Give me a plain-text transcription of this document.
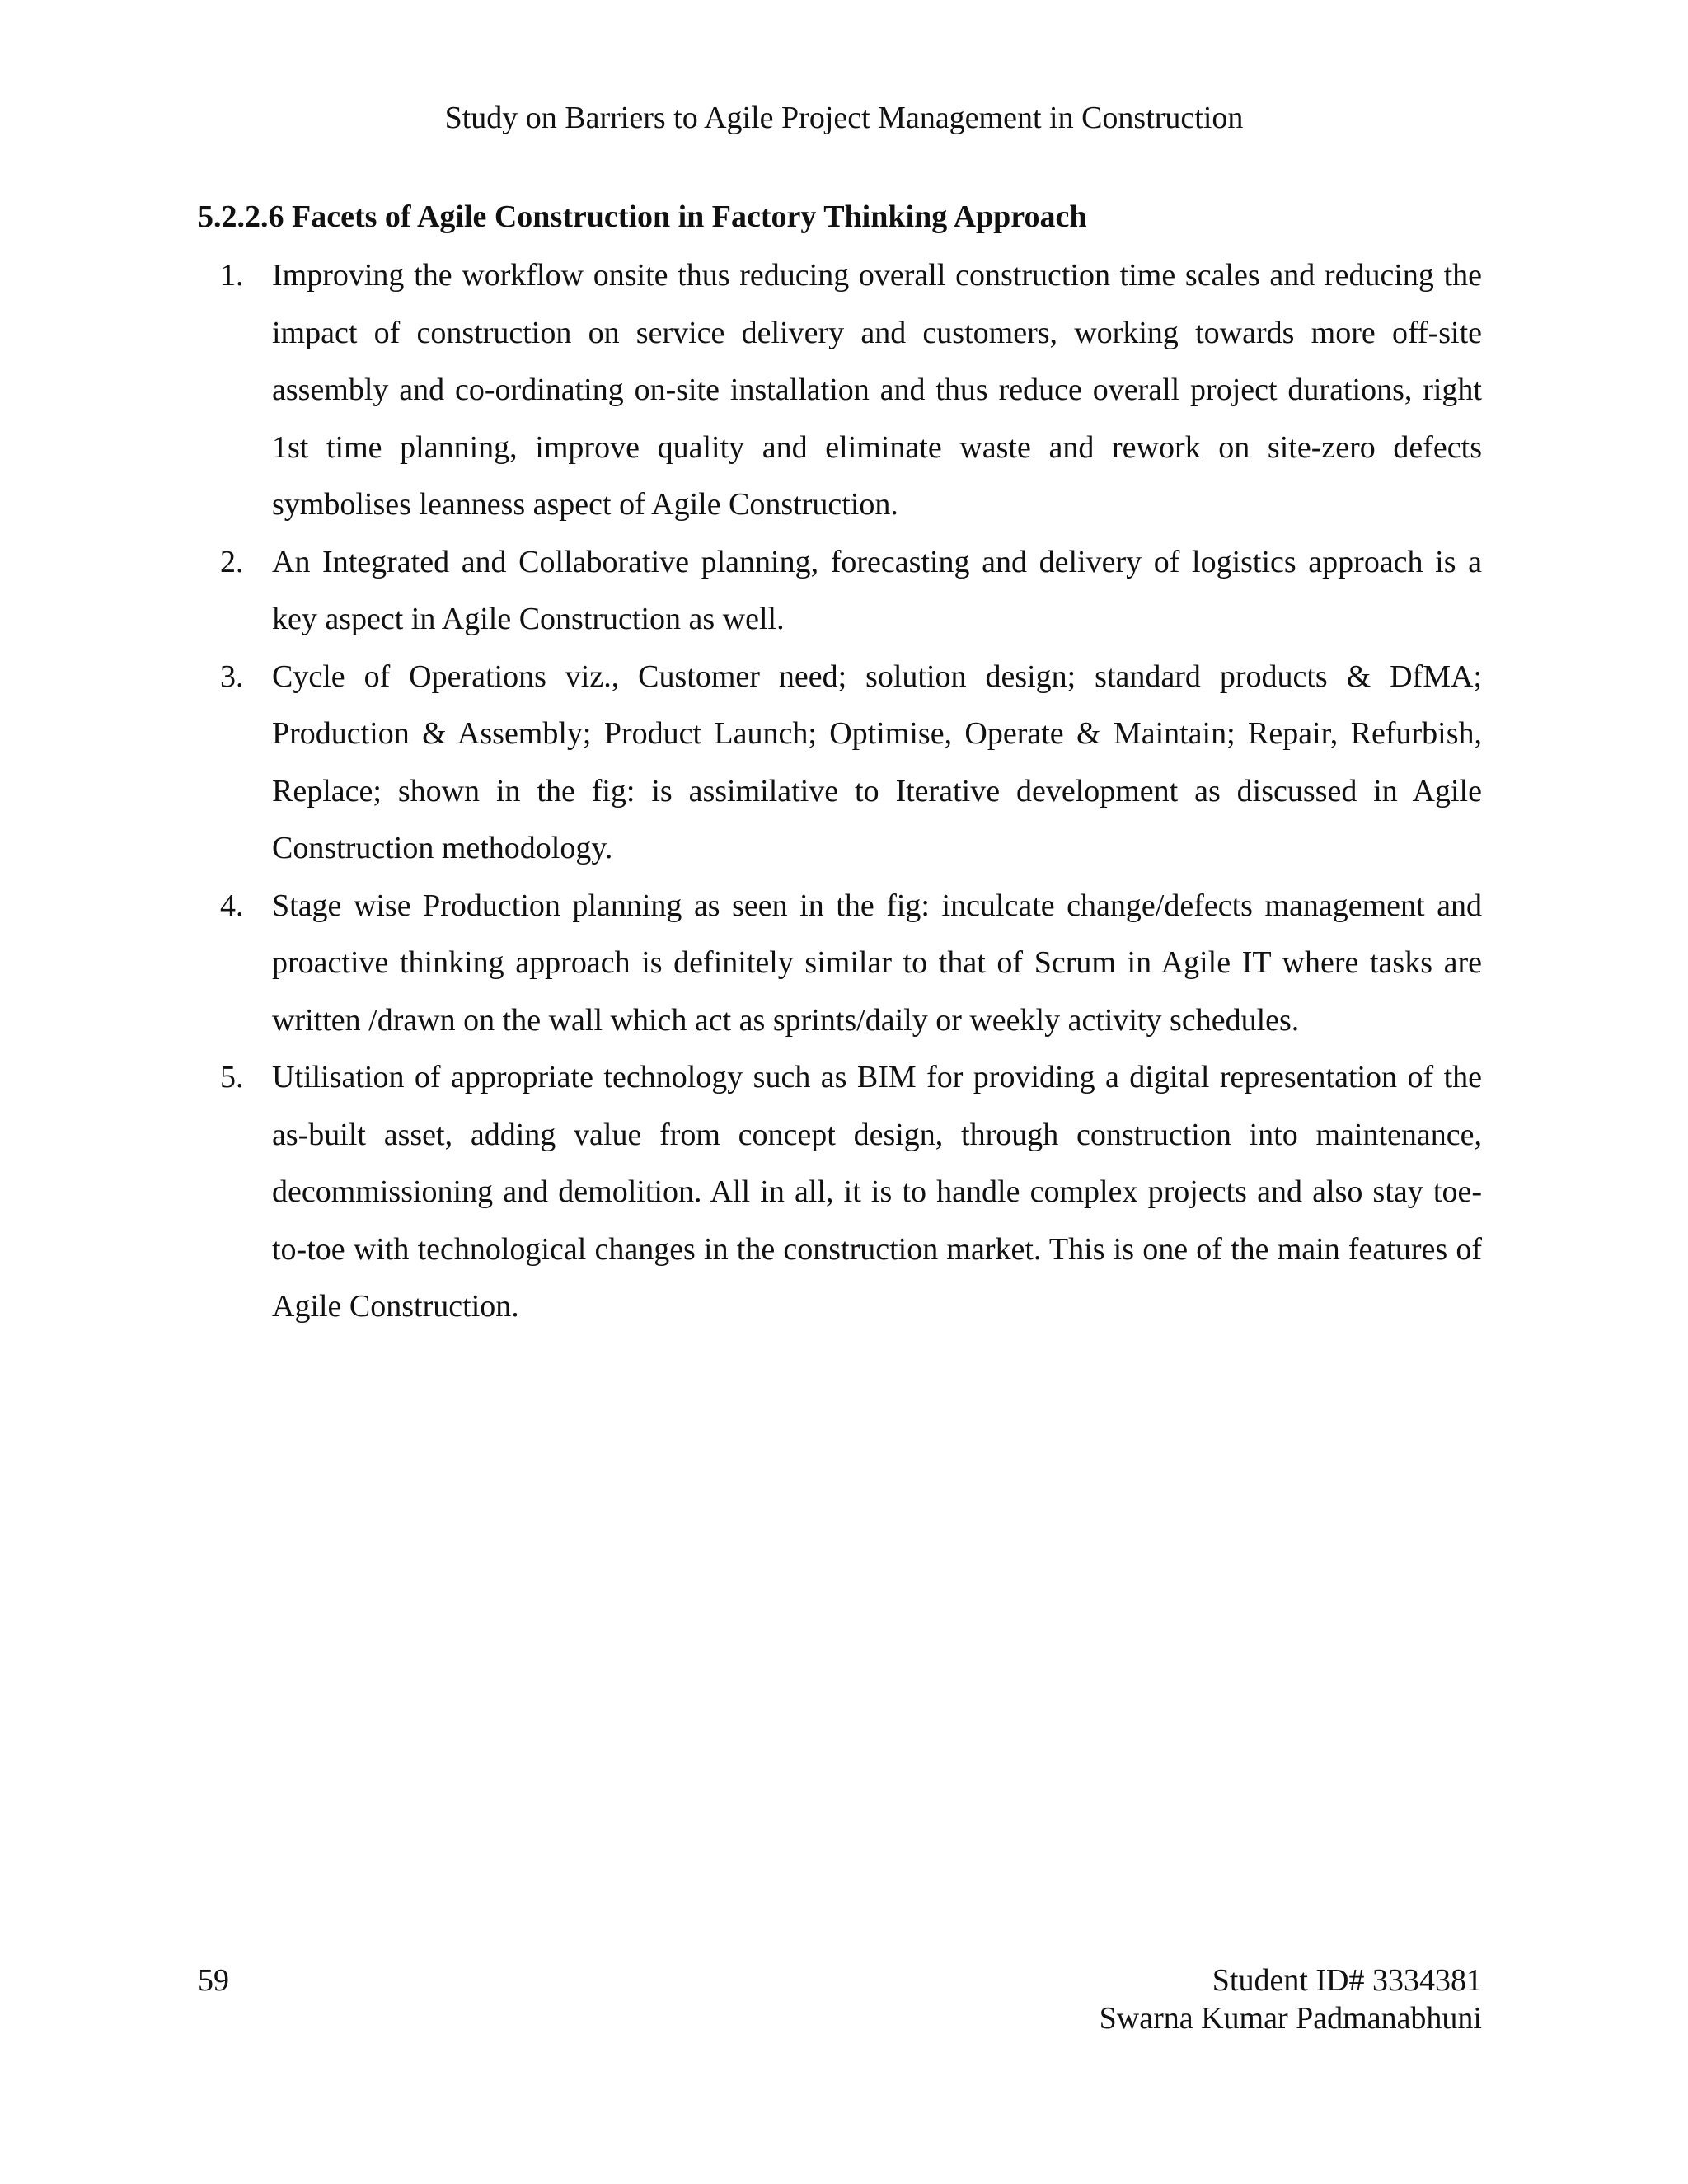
Study on Barriers to Agile Project Management in Construction
5.2.2.6 Facets of Agile Construction in Factory Thinking Approach
1. Improving the workflow onsite thus reducing overall construction time scales and reducing the impact of construction on service delivery and customers, working towards more off-site assembly and co-ordinating on-site installation and thus reduce overall project durations, right 1st time planning, improve quality and eliminate waste and rework on site-zero defects symbolises leanness aspect of Agile Construction.
2. An Integrated and Collaborative planning, forecasting and delivery of logistics approach is a key aspect in Agile Construction as well.
3. Cycle of Operations viz., Customer need; solution design; standard products & DfMA; Production & Assembly; Product Launch; Optimise, Operate & Maintain; Repair, Refurbish, Replace; shown in the fig: is assimilative to Iterative development as discussed in Agile Construction methodology.
4. Stage wise Production planning as seen in the fig: inculcate change/defects management and proactive thinking approach is definitely similar to that of Scrum in Agile IT where tasks are written /drawn on the wall which act as sprints/daily or weekly activity schedules.
5. Utilisation of appropriate technology such as BIM for providing a digital representation of the as-built asset, adding value from concept design, through construction into maintenance, decommissioning and demolition. All in all, it is to handle complex projects and also stay toe-to-toe with technological changes in the construction market. This is one of the main features of Agile Construction.
59	Student ID# 3334381
Swarna Kumar Padmanabhuni
